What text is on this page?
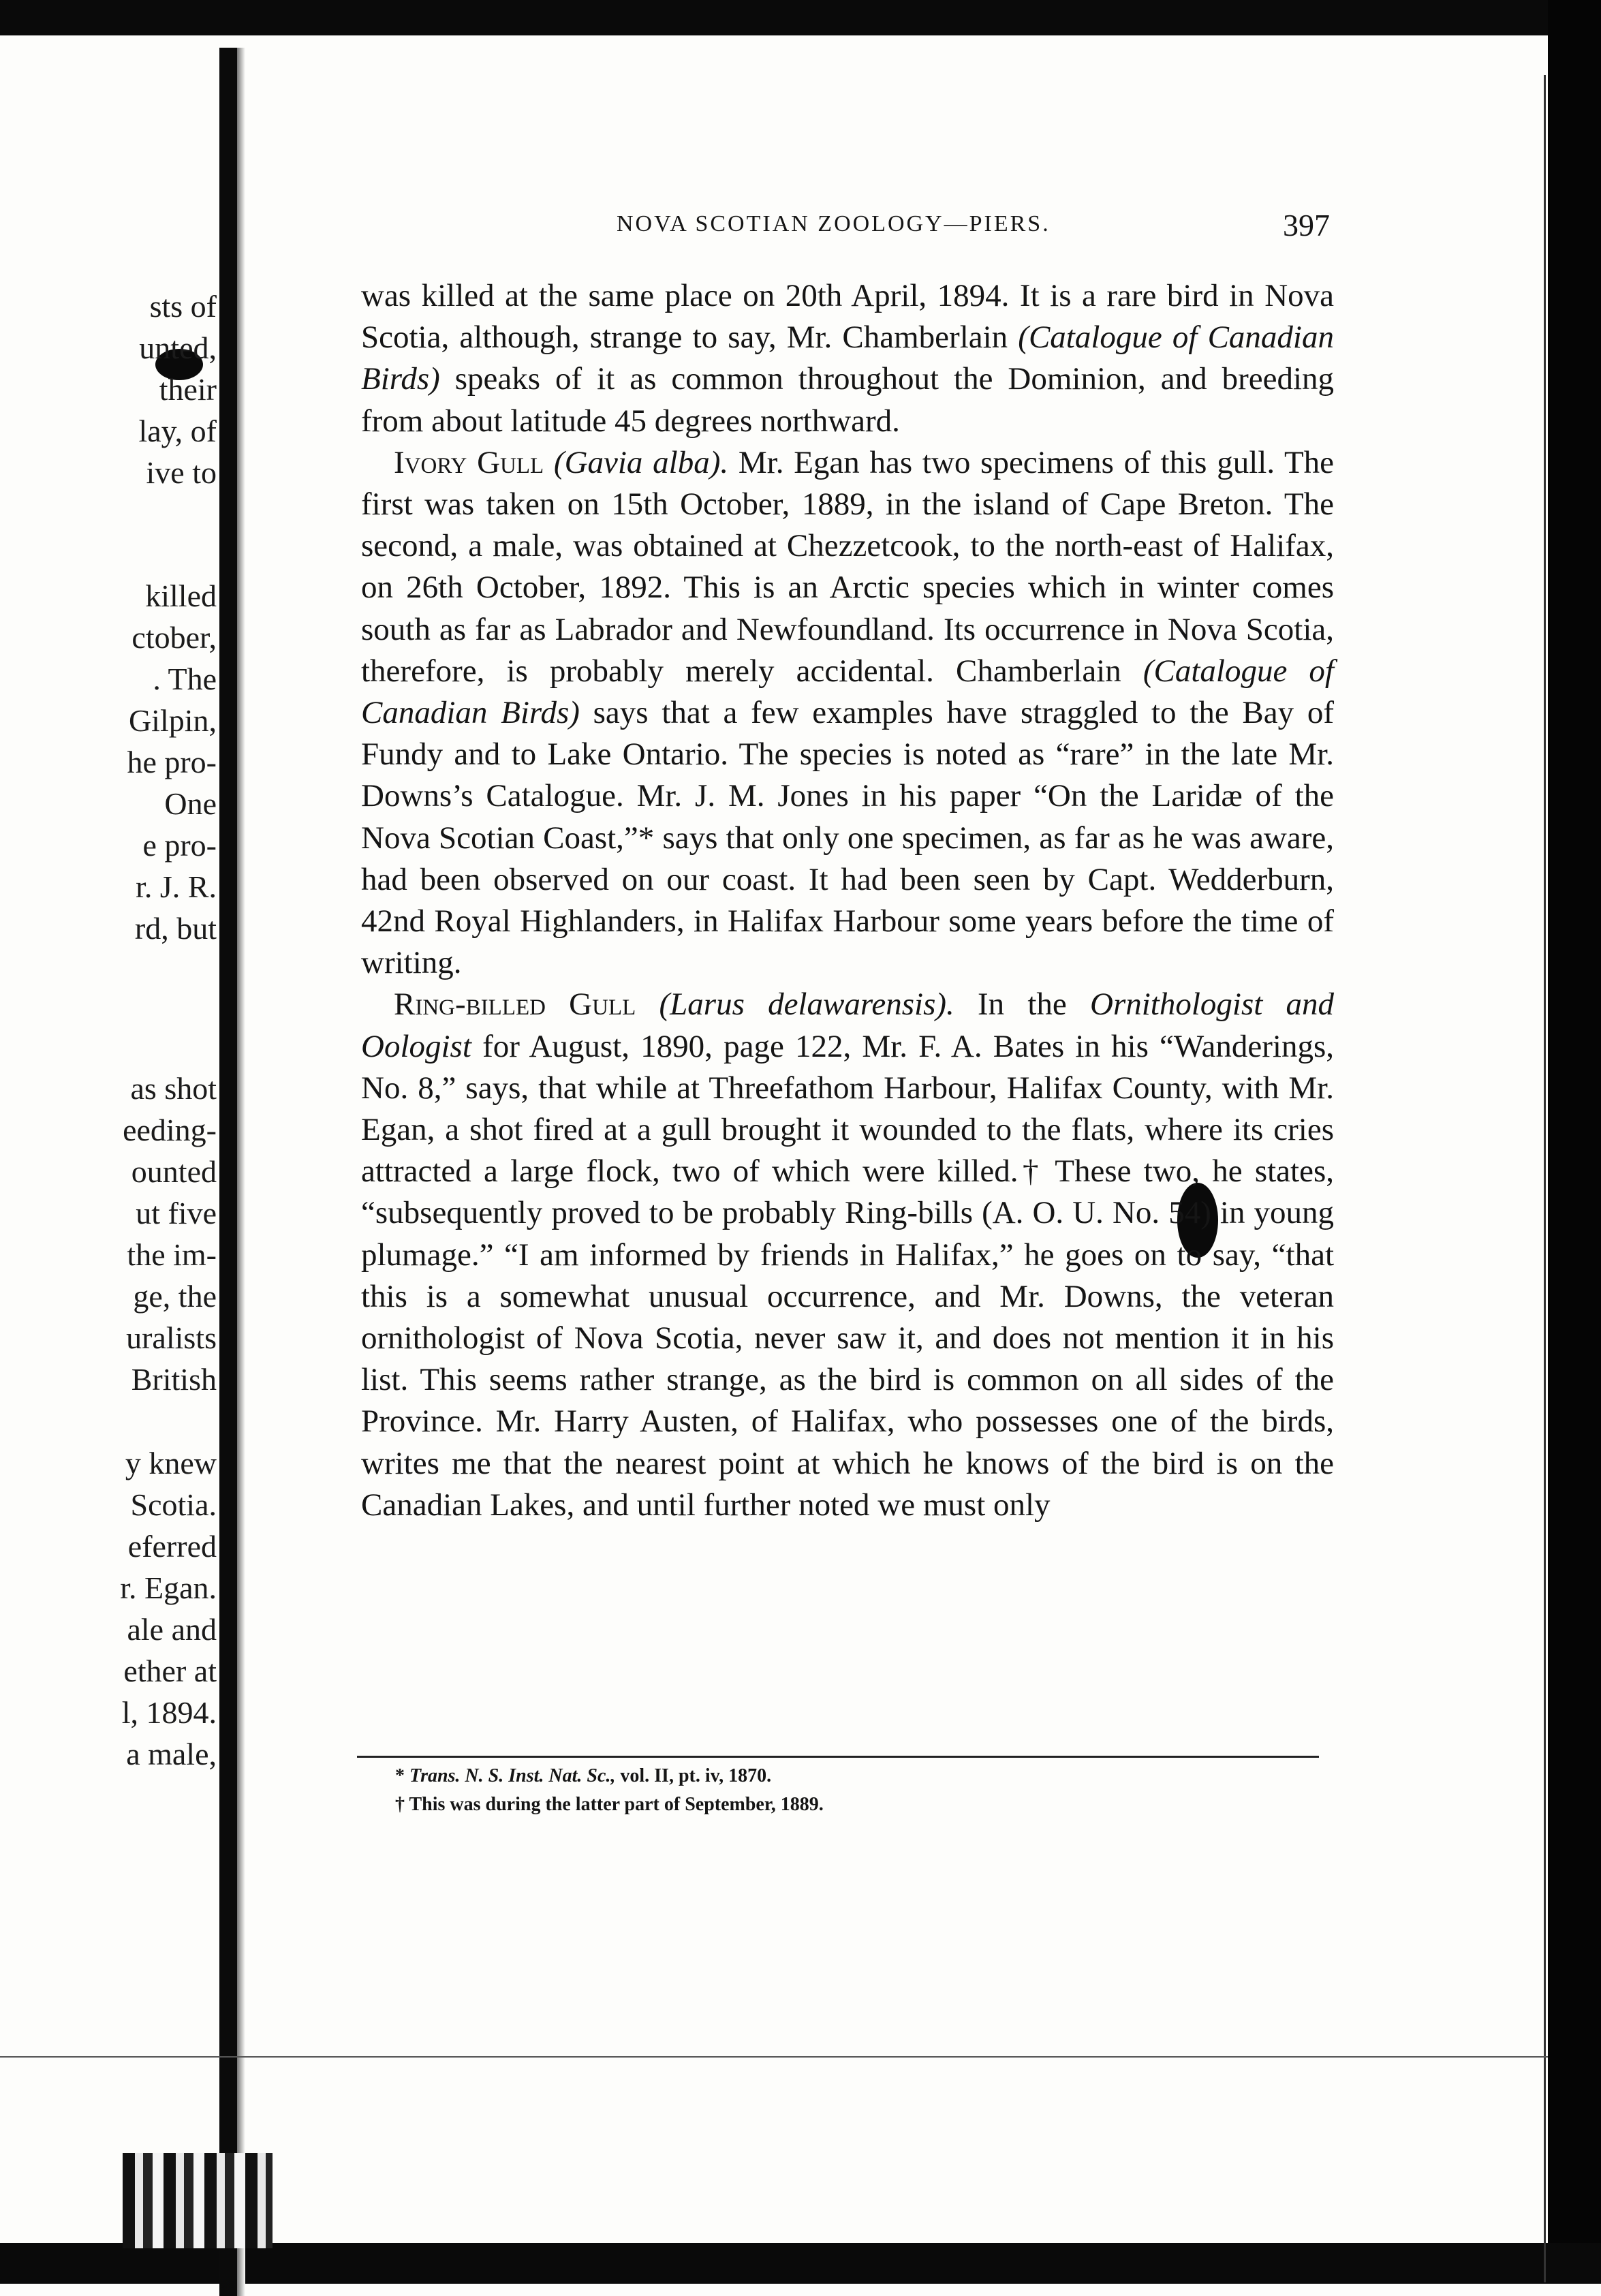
sts of
unted,
their
lay, of
ive to
killed
ctober,
. The
Gilpin,
he pro-
One
e pro-
r. J. R.
rd, but
as shot
eeding-
ounted
ut five
the im-
ge, the
uralists
British
y knew
Scotia.
eferred
r. Egan.
ale and
ether at
l, 1894.
a male,
NOVA SCOTIAN ZOOLOGY—PIERS.	397

was killed at the same place on 20th April, 1894. It is a rare bird in Nova Scotia, although, strange to say, Mr. Chamberlain (Catalogue of Canadian Birds) speaks of it as common throughout the Dominion, and breeding from about latitude 45 degrees northward.

Ivory Gull (Gavia alba). Mr. Egan has two specimens of this gull. The first was taken on 15th October, 1889, in the island of Cape Breton. The second, a male, was obtained at Chezzetcook, to the north-east of Halifax, on 26th October, 1892. This is an Arctic species which in winter comes south as far as Labrador and Newfoundland. Its occurrence in Nova Scotia, therefore, is probably merely accidental. Chamberlain (Catalogue of Canadian Birds) says that a few examples have straggled to the Bay of Fundy and to Lake Ontario. The species is noted as “rare” in the late Mr. Downs’s Catalogue. Mr. J. M. Jones in his paper “On the Laridæ of the Nova Scotian Coast,”* says that only one specimen, as far as he was aware, had been observed on our coast. It had been seen by Capt. Wedderburn, 42nd Royal Highlanders, in Halifax Harbour some years before the time of writing.

Ring-billed Gull (Larus delawarensis). In the Ornithologist and Oologist for August, 1890, page 122, Mr. F. A. Bates in his “Wanderings, No. 8,” says, that while at Threefathom Harbour, Halifax County, with Mr. Egan, a shot fired at a gull brought it wounded to the flats, where its cries attracted a large flock, two of which were killed.† These two, he states, “subsequently proved to be probably Ring-bills (A. O. U. No. 54) in young plumage.” “I am informed by friends in Halifax,” he goes on to say, “that this is a somewhat unusual occurrence, and Mr. Downs, the veteran ornithologist of Nova Scotia, never saw it, and does not mention it in his list. This seems rather strange, as the bird is common on all sides of the Province. Mr. Harry Austen, of Halifax, who possesses one of the birds, writes me that the nearest point at which he knows of the bird is on the Canadian Lakes, and until further noted we must only

* Trans. N. S. Inst. Nat. Sc., vol. II, pt. iv, 1870.
† This was during the latter part of September, 1889.
